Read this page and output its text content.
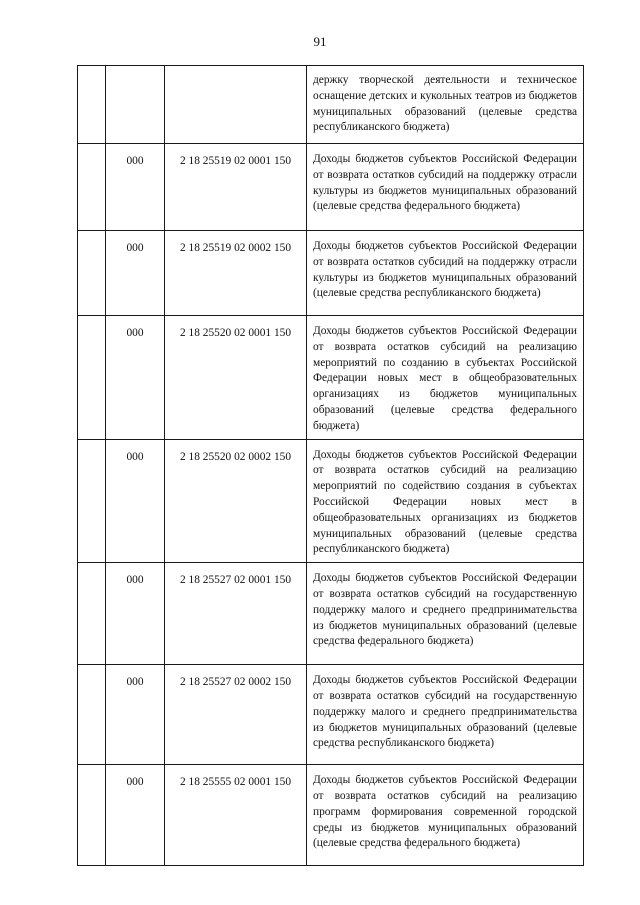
91
			держку творческой деятельности и техническое оснащение детских и кукольных театров из бюджетов муниципальных образований (целевые средства республиканского бюджета)
	000	2 18 25519 02 0001 150	Доходы бюджетов субъектов Российской Федерации от возврата остатков субсидий на поддержку отрасли культуры из бюджетов муниципальных образований (целевые средства федерального бюджета)
	000	2 18 25519 02 0002 150	Доходы бюджетов субъектов Российской Федерации от возврата остатков субсидий на поддержку отрасли культуры из бюджетов муниципальных образований (целевые средства республиканского бюджета)
	000	2 18 25520 02 0001 150	Доходы бюджетов субъектов Российской Федерации от возврата остатков субсидий на реализацию мероприятий по созданию в субъектах Российской Федерации новых мест в общеобразовательных организациях из бюджетов муниципальных образований (целевые средства федерального бюджета)
	000	2 18 25520 02 0002 150	Доходы бюджетов субъектов Российской Федерации от возврата остатков субсидий на реализацию мероприятий по содействию создания в субъектах Российской Федерации новых мест в общеобразовательных организациях из бюджетов муниципальных образований (целевые средства республиканского бюджета)
	000	2 18 25527 02 0001 150	Доходы бюджетов субъектов Российской Федерации от возврата остатков субсидий на государственную поддержку малого и среднего предпринимательства из бюджетов муниципальных образований (целевые средства федерального бюджета)
	000	2 18 25527 02 0002 150	Доходы бюджетов субъектов Российской Федерации от возврата остатков субсидий на государственную поддержку малого и среднего предпринимательства из бюджетов муниципальных образований (целевые средства республиканского бюджета)
	000	2 18 25555 02 0001 150	Доходы бюджетов субъектов Российской Федерации от возврата остатков субсидий на реализацию программ формирования современной городской среды из бюджетов муниципальных образований (целевые средства федерального бюджета)
